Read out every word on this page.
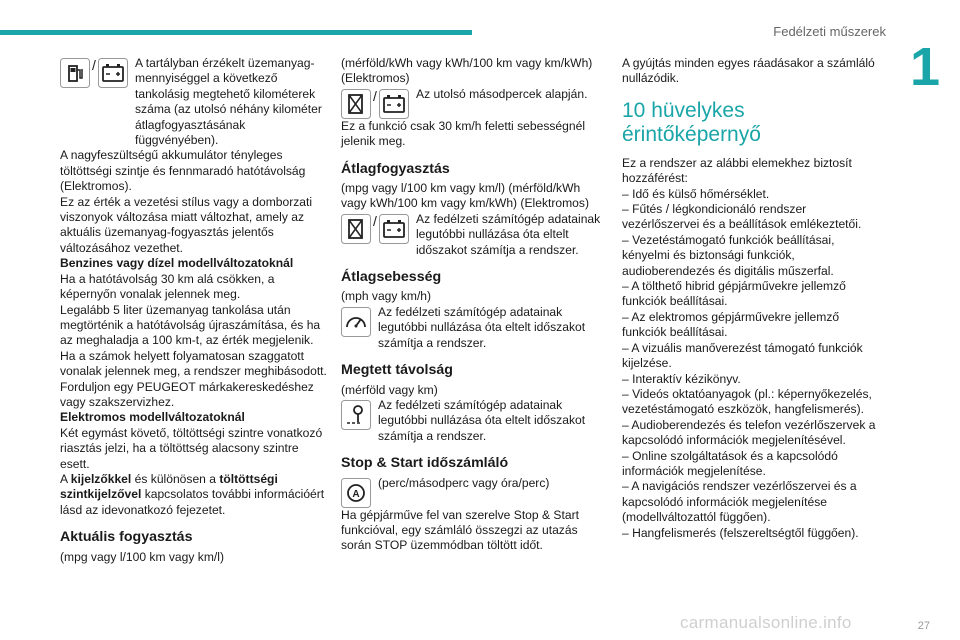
Fedélzeti műszerek
1
/	A tartályban érzékelt üzemanyag-mennyiséggel a következő tankolásig megtehető kilométerek száma (az utolsó néhány kilométer átlagfogyasztásának függvényében).

A nagyfeszültségű akkumulátor tényleges töltöttségi szintje és fennmaradó hatótávolság (Elektromos).

Ez az érték a vezetési stílus vagy a domborzati viszonyok változása miatt változhat, amely az aktuális üzemanyag-fogyasztás jelentős változásához vezethet.

Benzines vagy dízel modellváltozatoknál

Ha a hatótávolság 30 km alá csökken, a képernyőn vonalak jelennek meg.

Legalább 5 liter üzemanyag tankolása után megtörténik a hatótávolság újraszámítása, és ha az meghaladja a 100 km-t, az érték megjelenik.

Ha a számok helyett folyamatosan szaggatott vonalak jelennek meg, a rendszer meghibásodott.

Forduljon egy PEUGEOT márkakereskedéshez vagy szakszervizhez.

Elektromos modellváltozatoknál

Két egymást követő, töltöttségi szintre vonatkozó riasztás jelzi, ha a töltöttség alacsony szintre esett.

A kijelzőkkel és különösen a töltöttségi szintkijelzővel kapcsolatos további információért lásd az idevonatkozó fejezetet.

Aktuális fogyasztás

(mpg vagy l/100 km vagy km/l)

(mérföld/kWh vagy kWh/100 km vagy km/kWh) (Elektromos)

/	Az utolsó másodpercek alapján.

Ez a funkció csak 30 km/h feletti sebességnél jelenik meg.

Átlagfogyasztás

(mpg vagy l/100 km vagy km/l) (mérföld/kWh vagy kWh/100 km vagy km/kWh) (Elektromos)

/	Az fedélzeti számítógép adatainak legutóbbi nullázása óta eltelt időszakot számítja a rendszer.

Átlagsebesség

(mph vagy km/h)

Az fedélzeti számítógép adatainak legutóbbi nullázása óta eltelt időszakot számítja a rendszer.

Megtett távolság

(mérföld vagy km)

Az fedélzeti számítógép adatainak legutóbbi nullázása óta eltelt időszakot számítja a rendszer.

Stop & Start időszámláló
A

(perc/másodperc vagy óra/perc)

Ha gépjárműve fel van szerelve Stop & Start funkcióval, egy számláló összegzi az utazás során STOP üzemmódban töltött időt.

A gyújtás minden egyes ráadásakor a számláló nullázódik.

10 hüvelykes érintőképernyő

Ez a rendszer az alábbi elemekhez biztosít hozzáférést:

– Idő és külső hőmérséklet.

– Fűtés / légkondicionáló rendszer vezérlőszervei és a beállítások emlékeztetői.

– Vezetéstámogató funkciók beállításai, kényelmi és biztonsági funkciók, audioberendezés és digitális műszerfal.

– A tölthető hibrid gépjárművekre jellemző funkciók beállításai.

– Az elektromos gépjárművekre jellemző funkciók beállításai.

– A vizuális manőverezést támogató funkciók kijelzése.

– Interaktív kézikönyv.

– Videós oktatóanyagok (pl.: képernyőkezelés, vezetéstámogató eszközök, hangfelismerés).

– Audioberendezés és telefon vezérlőszervek a kapcsolódó információk megjelenítésével.

– Online szolgáltatások és a kapcsolódó információk megjelenítése.

– A navigációs rendszer vezérlőszervei és a kapcsolódó információk megjelenítése (modellváltozattól függően).

– Hangfelismerés (felszereltségtől függően).

carmanualsonline.info	27
